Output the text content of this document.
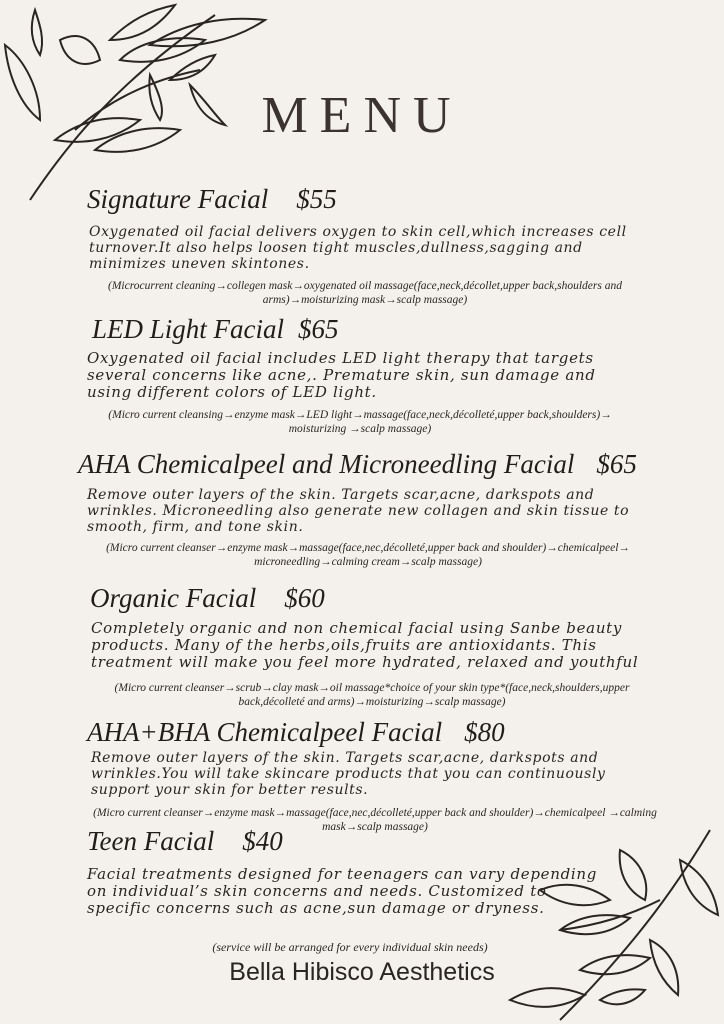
MENU
Signature Facial $55
Oxygenated oil facial delivers oxygen to skin cell,which increases cell turnover.It also helps loosen tight muscles,dullness,sagging and minimizes uneven skintones.
(Microcurrent cleaning→collegen mask→oxygenated oil massage(face,neck,décollet,upper back,shoulders and arms)→moisturizing mask→scalp massage)
LED Light Facial $65
Oxygenated oil facial includes LED light therapy that targets several concerns like acne,. Premature skin, sun damage and using different colors of LED light.
(Micro current cleansing→enzyme mask→LED light→massage(face,neck,décolleté,upper back,shoulders)→ moisturizing →scalp massage)
AHA Chemicalpeel and Microneedling Facial $65
Remove outer layers of the skin. Targets scar,acne, darkspots and wrinkles. Microneedling also generate new collagen and skin tissue to smooth, firm, and tone skin.
(Micro current cleanser→enzyme mask→massage(face,nec,décolleté,upper back and shoulder)→chemicalpeel→ microneedling→calming cream→scalp massage)
Organic Facial $60
Completely organic and non chemical facial using Sanbe beauty products. Many of the herbs,oils,fruits are antioxidants. This treatment will make you feel more hydrated, relaxed and youthful
(Micro current cleanser→scrub→clay mask→oil massage*choice of your skin type*(face,neck,shoulders,upper back,décolleté and arms)→moisturizing→scalp massage)
AHA+BHA Chemicalpeel Facial $80
Remove outer layers of the skin. Targets scar,acne, darkspots and wrinkles.You will take skincare products that you can continuously support your skin for better results.
(Micro current cleanser→enzyme mask→massage(face,nec,décolleté,upper back and shoulder)→chemicalpeel →calming mask→scalp massage)
Teen Facial $40
Facial treatments designed for teenagers can vary depending on individual’s skin concerns and needs. Customized to specific concerns such as acne,sun damage or dryness.
(service will be arranged for every individual skin needs)
Bella Hibisco Aesthetics
